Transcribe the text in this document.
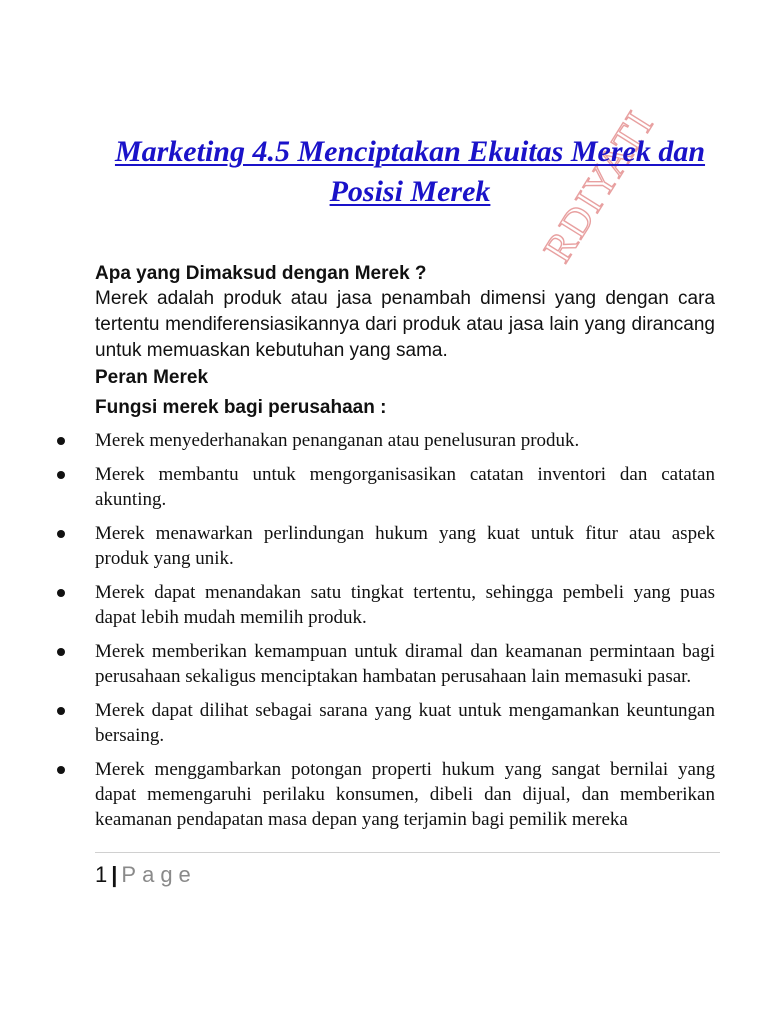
RDIYATI
Marketing 4.5 Menciptakan Ekuitas Merek dan
Posisi Merek

Apa yang Dimaksud dengan Merek ?

Merek adalah produk atau jasa penambah dimensi yang dengan cara tertentu mendiferensiasikannya dari produk atau jasa lain yang dirancang untuk memuaskan kebutuhan yang sama.

Peran Merek

Fungsi merek bagi perusahaan :

Merek menyederhanakan penanganan atau penelusuran produk.
Merek membantu untuk mengorganisasikan catatan inventori dan catatan akunting.
Merek menawarkan perlindungan hukum yang kuat untuk fitur atau aspek produk yang unik.
Merek dapat menandakan satu tingkat tertentu, sehingga pembeli yang puas dapat lebih mudah memilih produk.
Merek memberikan kemampuan untuk diramal dan keamanan permintaan bagi perusahaan sekaligus menciptakan hambatan perusahaan lain memasuki pasar.
Merek dapat dilihat sebagai sarana yang kuat untuk mengamankan keuntungan bersaing.
Merek menggambarkan potongan properti hukum yang sangat bernilai yang dapat memengaruhi perilaku konsumen, dibeli dan dijual, dan memberikan keamanan pendapatan masa depan yang terjamin bagi pemilik mereka
1 | Page
